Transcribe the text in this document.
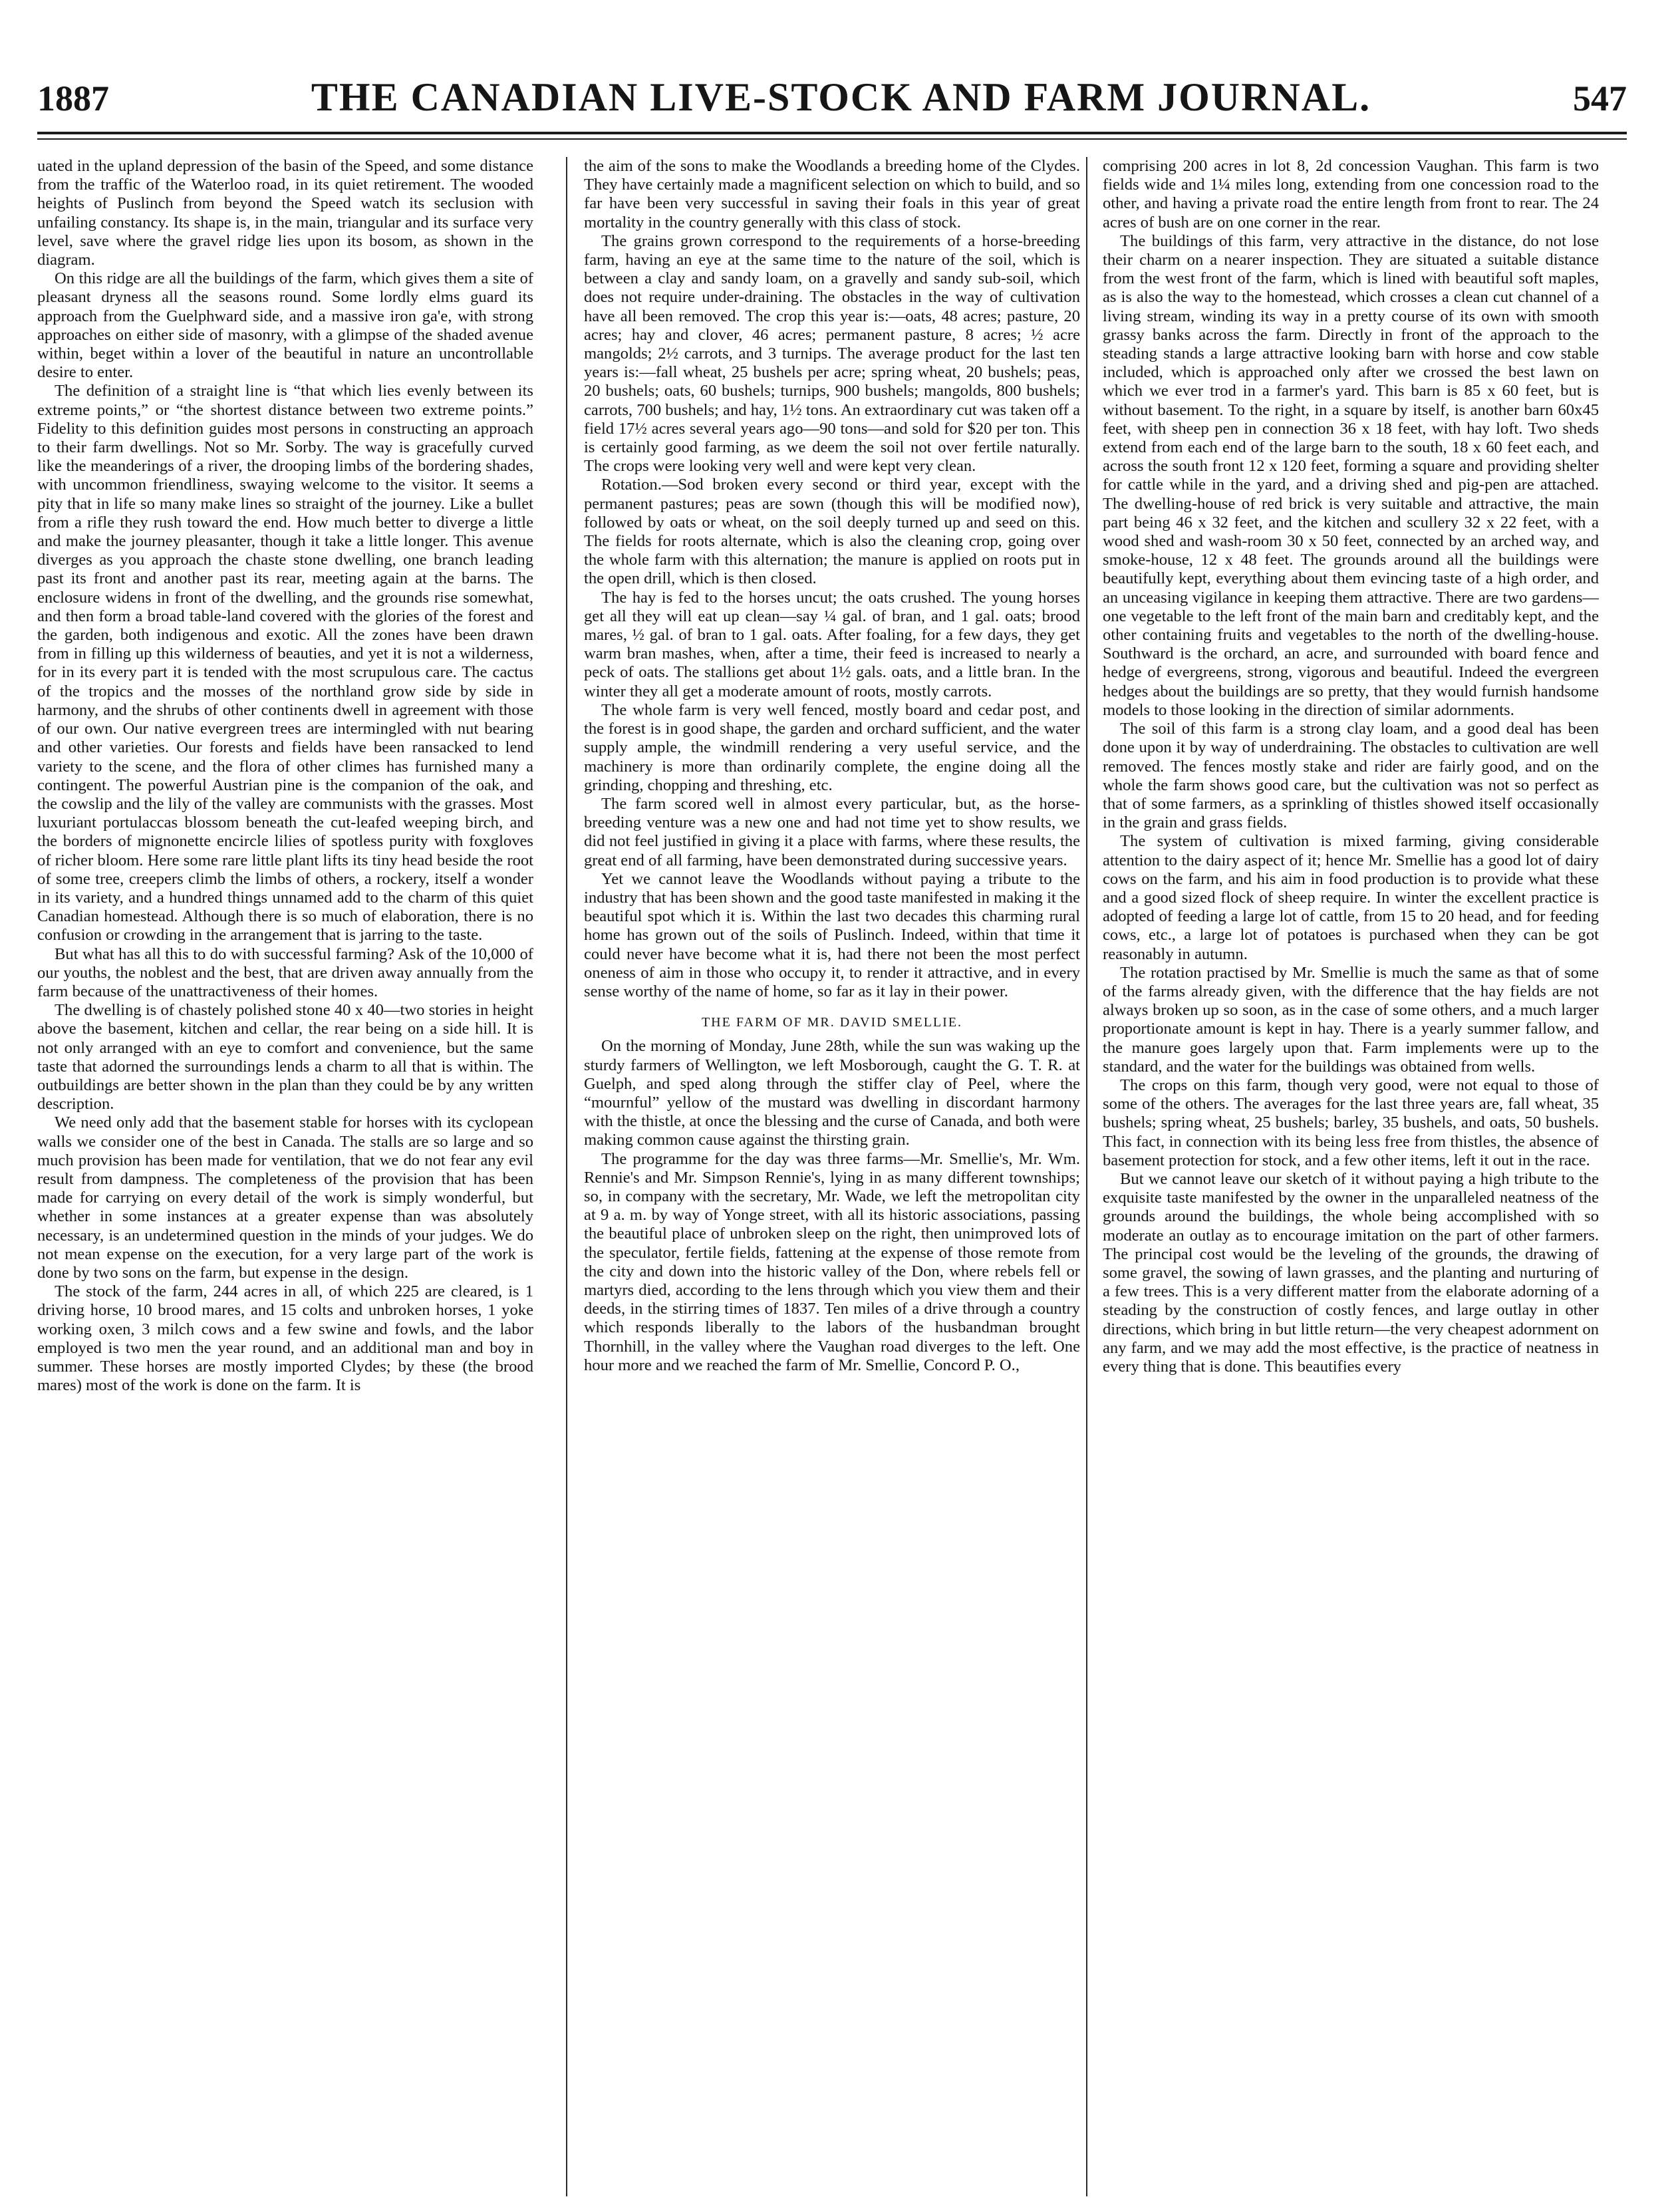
1887	THE CANADIAN LIVE-STOCK AND FARM JOURNAL.	547

uated in the upland depression of the basin of the Speed, and some distance from the traffic of the Waterloo road, in its quiet retirement. The wooded heights of Puslinch from beyond the Speed watch its seclusion with unfailing constancy. Its shape is, in the main, triangular and its surface very level, save where the gravel ridge lies upon its bosom, as shown in the diagram.

On this ridge are all the buildings of the farm, which gives them a site of pleasant dryness all the seasons round. Some lordly elms guard its approach from the Guelphward side, and a massive iron ga'e, with strong approaches on either side of masonry, with a glimpse of the shaded avenue within, beget within a lover of the beautiful in nature an uncontrollable desire to enter.

The definition of a straight line is “that which lies evenly between its extreme points,” or “the shortest distance between two extreme points.” Fidelity to this definition guides most persons in constructing an approach to their farm dwellings. Not so Mr. Sorby. The way is gracefully curved like the meanderings of a river, the drooping limbs of the bordering shades, with uncommon friendliness, swaying welcome to the visitor. It seems a pity that in life so many make lines so straight of the journey. Like a bullet from a rifle they rush toward the end. How much better to diverge a little and make the journey pleasanter, though it take a little longer. This avenue diverges as you approach the chaste stone dwelling, one branch leading past its front and another past its rear, meeting again at the barns. The enclosure widens in front of the dwelling, and the grounds rise somewhat, and then form a broad table-land covered with the glories of the forest and the garden, both indigenous and exotic. All the zones have been drawn from in filling up this wilderness of beauties, and yet it is not a wilderness, for in its every part it is tended with the most scrupulous care. The cactus of the tropics and the mosses of the northland grow side by side in harmony, and the shrubs of other continents dwell in agreement with those of our own. Our native evergreen trees are intermingled with nut bearing and other varieties. Our forests and fields have been ransacked to lend variety to the scene, and the flora of other climes has furnished many a contingent. The powerful Austrian pine is the companion of the oak, and the cowslip and the lily of the valley are communists with the grasses. Most luxuriant portulaccas blossom beneath the cut-leafed weeping birch, and the borders of mignonette encircle lilies of spotless purity with foxgloves of richer bloom. Here some rare little plant lifts its tiny head beside the root of some tree, creepers climb the limbs of others, a rockery, itself a wonder in its variety, and a hundred things unnamed add to the charm of this quiet Canadian homestead. Although there is so much of elaboration, there is no confusion or crowding in the arrangement that is jarring to the taste.

But what has all this to do with successful farming? Ask of the 10,000 of our youths, the noblest and the best, that are driven away annually from the farm because of the unattractiveness of their homes.

The dwelling is of chastely polished stone 40 x 40—two stories in height above the basement, kitchen and cellar, the rear being on a side hill. It is not only arranged with an eye to comfort and convenience, but the same taste that adorned the surroundings lends a charm to all that is within. The outbuildings are better shown in the plan than they could be by any written description.

We need only add that the basement stable for horses with its cyclopean walls we consider one of the best in Canada. The stalls are so large and so much provision has been made for ventilation, that we do not fear any evil result from dampness. The completeness of the provision that has been made for carrying on every detail of the work is simply wonderful, but whether in some instances at a greater expense than was absolutely necessary, is an undetermined question in the minds of your judges. We do not mean expense on the execution, for a very large part of the work is done by two sons on the farm, but expense in the design.

The stock of the farm, 244 acres in all, of which 225 are cleared, is 1 driving horse, 10 brood mares, and 15 colts and unbroken horses, 1 yoke working oxen, 3 milch cows and a few swine and fowls, and the labor employed is two men the year round, and an additional man and boy in summer. These horses are mostly imported Clydes; by these (the brood mares) most of the work is done on the farm. It is

the aim of the sons to make the Woodlands a breeding home of the Clydes. They have certainly made a magnificent selection on which to build, and so far have been very successful in saving their foals in this year of great mortality in the country generally with this class of stock.

The grains grown correspond to the requirements of a horse-breeding farm, having an eye at the same time to the nature of the soil, which is between a clay and sandy loam, on a gravelly and sandy sub-soil, which does not require under-draining. The obstacles in the way of cultivation have all been removed. The crop this year is:—oats, 48 acres; pasture, 20 acres; hay and clover, 46 acres; permanent pasture, 8 acres; ½ acre mangolds; 2½ carrots, and 3 turnips. The average product for the last ten years is:—fall wheat, 25 bushels per acre; spring wheat, 20 bushels; peas, 20 bushels; oats, 60 bushels; turnips, 900 bushels; mangolds, 800 bushels; carrots, 700 bushels; and hay, 1½ tons. An extraordinary cut was taken off a field 17½ acres several years ago—90 tons—and sold for $20 per ton. This is certainly good farming, as we deem the soil not over fertile naturally. The crops were looking very well and were kept very clean.

Rotation.—Sod broken every second or third year, except with the permanent pastures; peas are sown (though this will be modified now), followed by oats or wheat, on the soil deeply turned up and seed on this. The fields for roots alternate, which is also the cleaning crop, going over the whole farm with this alternation; the manure is applied on roots put in the open drill, which is then closed.

The hay is fed to the horses uncut; the oats crushed. The young horses get all they will eat up clean—say ¼ gal. of bran, and 1 gal. oats; brood mares, ½ gal. of bran to 1 gal. oats. After foaling, for a few days, they get warm bran mashes, when, after a time, their feed is increased to nearly a peck of oats. The stallions get about 1½ gals. oats, and a little bran. In the winter they all get a moderate amount of roots, mostly carrots.

The whole farm is very well fenced, mostly board and cedar post, and the forest is in good shape, the garden and orchard sufficient, and the water supply ample, the windmill rendering a very useful service, and the machinery is more than ordinarily complete, the engine doing all the grinding, chopping and threshing, etc.

The farm scored well in almost every particular, but, as the horse-breeding venture was a new one and had not time yet to show results, we did not feel justified in giving it a place with farms, where these results, the great end of all farming, have been demonstrated during successive years.

Yet we cannot leave the Woodlands without paying a tribute to the industry that has been shown and the good taste manifested in making it the beautiful spot which it is. Within the last two decades this charming rural home has grown out of the soils of Puslinch. Indeed, within that time it could never have become what it is, had there not been the most perfect oneness of aim in those who occupy it, to render it attractive, and in every sense worthy of the name of home, so far as it lay in their power.

THE FARM OF MR. DAVID SMELLIE.

On the morning of Monday, June 28th, while the sun was waking up the sturdy farmers of Wellington, we left Mosborough, caught the G. T. R. at Guelph, and sped along through the stiffer clay of Peel, where the “mournful” yellow of the mustard was dwelling in discordant harmony with the thistle, at once the blessing and the curse of Canada, and both were making common cause against the thirsting grain.

The programme for the day was three farms—Mr. Smellie's, Mr. Wm. Rennie's and Mr. Simpson Rennie's, lying in as many different townships; so, in company with the secretary, Mr. Wade, we left the metropolitan city at 9 a. m. by way of Yonge street, with all its historic associations, passing the beautiful place of unbroken sleep on the right, then unimproved lots of the speculator, fertile fields, fattening at the expense of those remote from the city and down into the historic valley of the Don, where rebels fell or martyrs died, according to the lens through which you view them and their deeds, in the stirring times of 1837. Ten miles of a drive through a country which responds liberally to the labors of the husbandman brought Thornhill, in the valley where the Vaughan road diverges to the left. One hour more and we reached the farm of Mr. Smellie, Concord P. O.,

comprising 200 acres in lot 8, 2d concession Vaughan. This farm is two fields wide and 1¼ miles long, extending from one concession road to the other, and having a private road the entire length from front to rear. The 24 acres of bush are on one corner in the rear.

The buildings of this farm, very attractive in the distance, do not lose their charm on a nearer inspection. They are situated a suitable distance from the west front of the farm, which is lined with beautiful soft maples, as is also the way to the homestead, which crosses a clean cut channel of a living stream, winding its way in a pretty course of its own with smooth grassy banks across the farm. Directly in front of the approach to the steading stands a large attractive looking barn with horse and cow stable included, which is approached only after we crossed the best lawn on which we ever trod in a farmer's yard. This barn is 85 x 60 feet, but is without basement. To the right, in a square by itself, is another barn 60x45 feet, with sheep pen in connection 36 x 18 feet, with hay loft. Two sheds extend from each end of the large barn to the south, 18 x 60 feet each, and across the south front 12 x 120 feet, forming a square and providing shelter for cattle while in the yard, and a driving shed and pig-pen are attached. The dwelling-house of red brick is very suitable and attractive, the main part being 46 x 32 feet, and the kitchen and scullery 32 x 22 feet, with a wood shed and wash-room 30 x 50 feet, connected by an arched way, and smoke-house, 12 x 48 feet. The grounds around all the buildings were beautifully kept, everything about them evincing taste of a high order, and an unceasing vigilance in keeping them attractive. There are two gardens—one vegetable to the left front of the main barn and creditably kept, and the other containing fruits and vegetables to the north of the dwelling-house. Southward is the orchard, an acre, and surrounded with board fence and hedge of evergreens, strong, vigorous and beautiful. Indeed the evergreen hedges about the buildings are so pretty, that they would furnish handsome models to those looking in the direction of similar adornments.

The soil of this farm is a strong clay loam, and a good deal has been done upon it by way of underdraining. The obstacles to cultivation are well removed. The fences mostly stake and rider are fairly good, and on the whole the farm shows good care, but the cultivation was not so perfect as that of some farmers, as a sprinkling of thistles showed itself occasionally in the grain and grass fields.

The system of cultivation is mixed farming, giving considerable attention to the dairy aspect of it; hence Mr. Smellie has a good lot of dairy cows on the farm, and his aim in food production is to provide what these and a good sized flock of sheep require. In winter the excellent practice is adopted of feeding a large lot of cattle, from 15 to 20 head, and for feeding cows, etc., a large lot of potatoes is purchased when they can be got reasonably in autumn.

The rotation practised by Mr. Smellie is much the same as that of some of the farms already given, with the difference that the hay fields are not always broken up so soon, as in the case of some others, and a much larger proportionate amount is kept in hay. There is a yearly summer fallow, and the manure goes largely upon that. Farm implements were up to the standard, and the water for the buildings was obtained from wells.

The crops on this farm, though very good, were not equal to those of some of the others. The averages for the last three years are, fall wheat, 35 bushels; spring wheat, 25 bushels; barley, 35 bushels, and oats, 50 bushels. This fact, in connection with its being less free from thistles, the absence of basement protection for stock, and a few other items, left it out in the race.

But we cannot leave our sketch of it without paying a high tribute to the exquisite taste manifested by the owner in the unparalleled neatness of the grounds around the buildings, the whole being accomplished with so moderate an outlay as to encourage imitation on the part of other farmers. The principal cost would be the leveling of the grounds, the drawing of some gravel, the sowing of lawn grasses, and the planting and nurturing of a few trees. This is a very different matter from the elaborate adorning of a steading by the construction of costly fences, and large outlay in other directions, which bring in but little return—the very cheapest adornment on any farm, and we may add the most effective, is the practice of neatness in every thing that is done. This beautifies every
